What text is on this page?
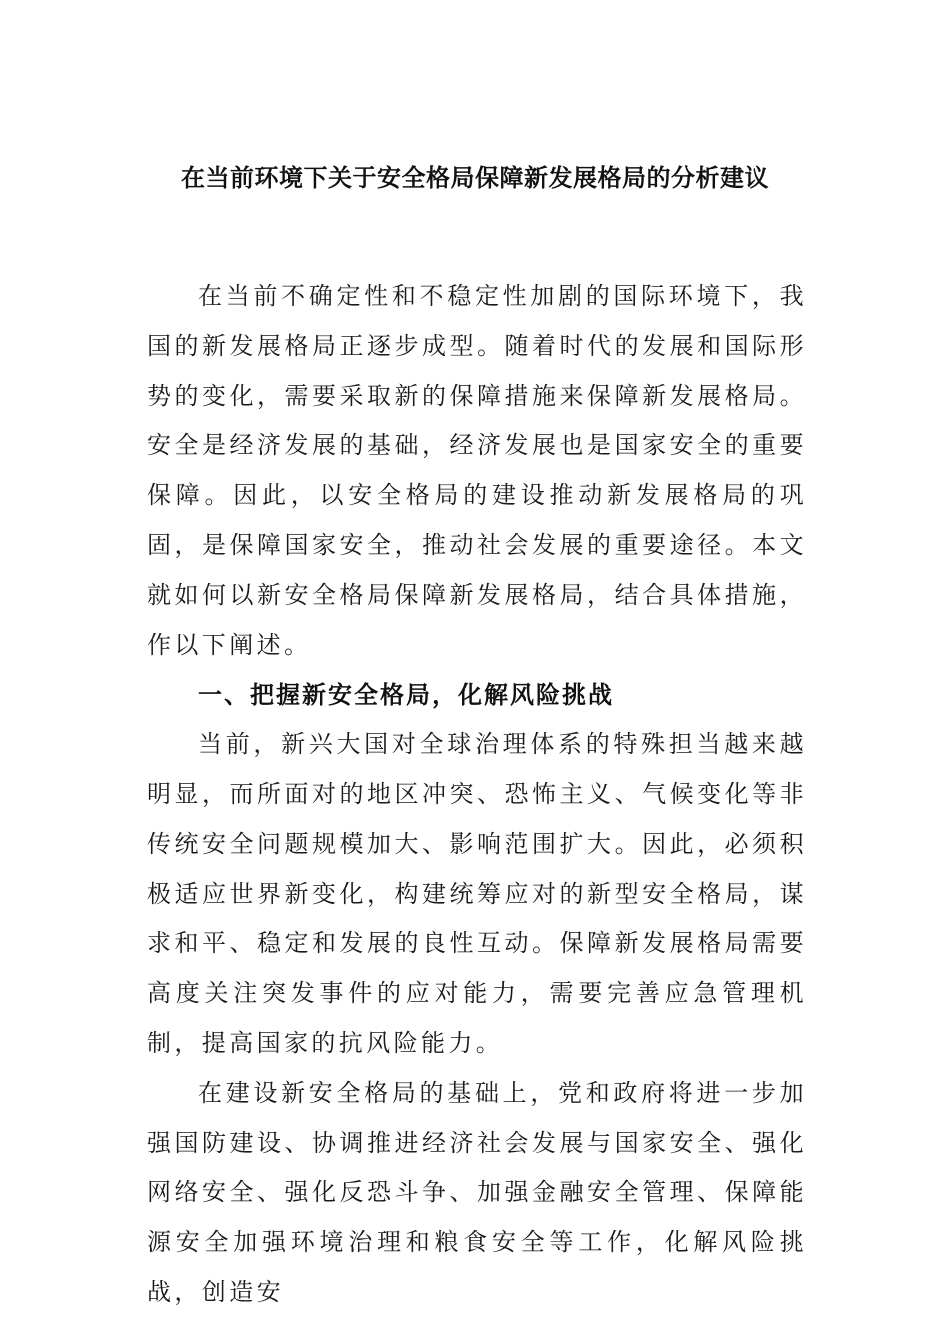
在当前环境下关于安全格局保障新发展格局的分析建议

在当前不确定性和不稳定性加剧的国际环境下，我国的新发展格局正逐步成型。随着时代的发展和国际形势的变化，需要采取新的保障措施来保障新发展格局。安全是经济发展的基础，经济发展也是国家安全的重要保障。因此，以安全格局的建设推动新发展格局的巩固，是保障国家安全，推动社会发展的重要途径。本文就如何以新安全格局保障新发展格局，结合具体措施，作以下阐述。

一、把握新安全格局，化解风险挑战

当前，新兴大国对全球治理体系的特殊担当越来越明显，而所面对的地区冲突、恐怖主义、气候变化等非传统安全问题规模加大、影响范围扩大。因此，必须积极适应世界新变化，构建统筹应对的新型安全格局，谋求和平、稳定和发展的良性互动。保障新发展格局需要高度关注突发事件的应对能力，需要完善应急管理机制，提高国家的抗风险能力。

在建设新安全格局的基础上，党和政府将进一步加强国防建设、协调推进经济社会发展与国家安全、强化网络安全、强化反恐斗争、加强金融安全管理、保障能源安全加强环境治理和粮食安全等工作，化解风险挑战，创造安
